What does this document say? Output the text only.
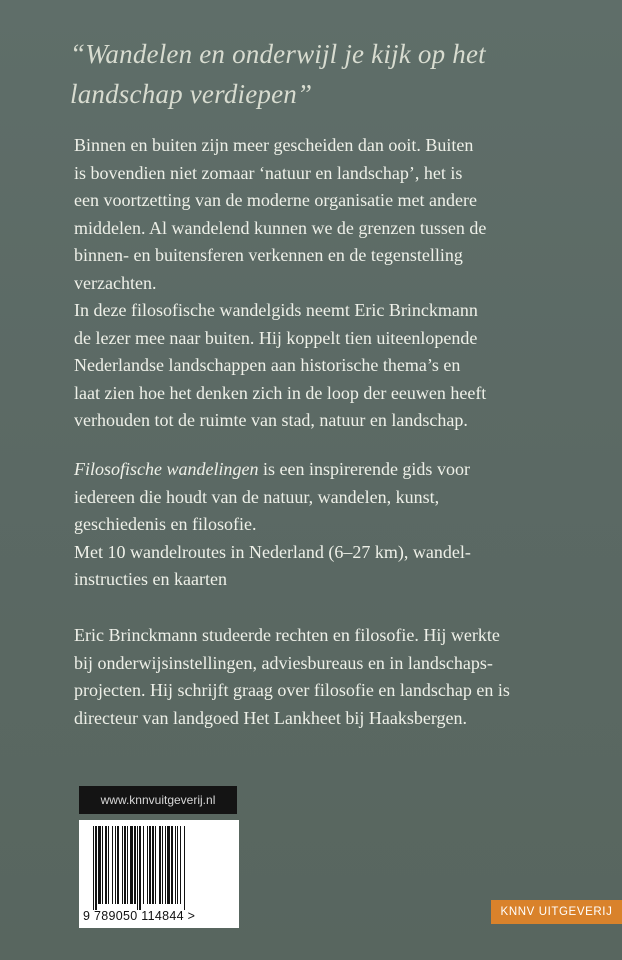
“Wandelen en onderwijl je kijk op het
landschap verdiepen”

Binnen en buiten zijn meer gescheiden dan ooit. Buiten

is bovendien niet zomaar ‘natuur en landschap’, het is

een voortzetting van de moderne organisatie met andere

middelen. Al wandelend kunnen we de grenzen tussen de

binnen- en buitensferen verkennen en de tegenstelling

verzachten.

In deze filosofische wandelgids neemt Eric Brinckmann

de lezer mee naar buiten. Hij koppelt tien uiteenlopende

Nederlandse landschappen aan historische thema’s en

laat zien hoe het denken zich in de loop der eeuwen heeft

verhouden tot de ruimte van stad, natuur en landschap.

Filosofische wandelingen is een inspirerende gids voor

iedereen die houdt van de natuur, wandelen, kunst,

geschiedenis en filosofie.

Met 10 wandelroutes in Nederland (6–27 km), wandel-

instructies en kaarten

Eric Brinckmann studeerde rechten en filosofie. Hij werkte

bij onderwijsinstellingen, adviesbureaus en in landschaps-

projecten. Hij schrijft graag over filosofie en landschap en is

directeur van landgoed Het Lankheet bij Haaksbergen.

www.knnvuitgeverij.nl
9 789050 114844 >	KNNV UITGEVERIJ
